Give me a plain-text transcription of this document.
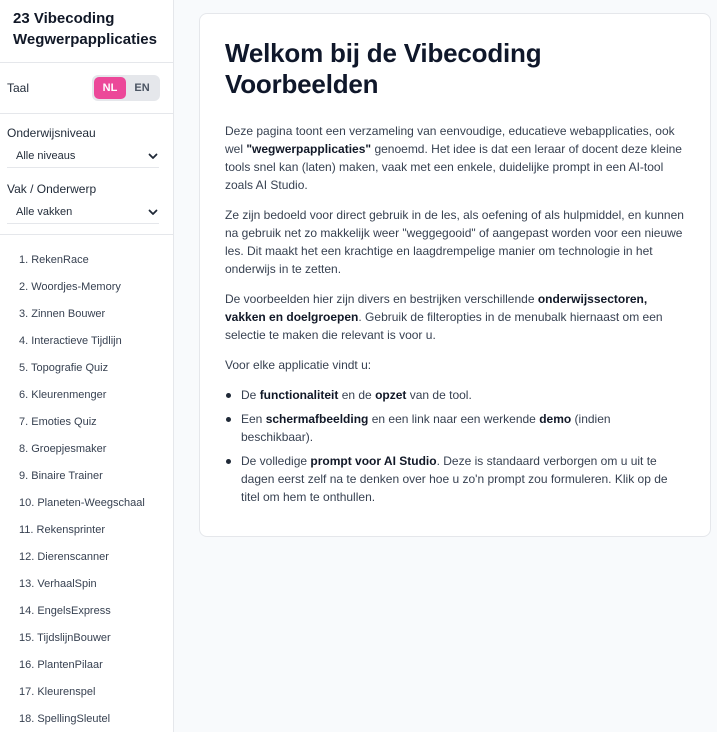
23 Vibecoding
Wegwerpapplicaties
Taal	NL	EN
Onderwijsniveau
Alle niveaus
Vak / Onderwerp
Alle vakken
1. RekenRace
2. Woordjes-Memory
3. Zinnen Bouwer
4. Interactieve Tijdlijn
5. Topografie Quiz
6. Kleurenmenger
7. Emoties Quiz
8. Groepjesmaker
9. Binaire Trainer
10. Planeten-Weegschaal
11. Rekensprinter
12. Dierenscanner
13. VerhaalSpin
14. EngelsExpress
15. TijdslijnBouwer
16. PlantenPilaar
17. Kleurenspel
18. SpellingSleutel
Welkom bij de Vibecoding
Voorbeelden

Deze pagina toont een verzameling van eenvoudige, educatieve webapplicaties, ook wel "wegwerpapplicaties" genoemd. Het idee is dat een leraar of docent deze kleine tools snel kan (laten) maken, vaak met een enkele, duidelijke prompt in een AI-tool zoals AI Studio.

Ze zijn bedoeld voor direct gebruik in de les, als oefening of als hulpmiddel, en kunnen na gebruik net zo makkelijk weer "weggegooid" of aangepast worden voor een nieuwe les. Dit maakt het een krachtige en laagdrempelige manier om technologie in het onderwijs in te zetten.

De voorbeelden hier zijn divers en bestrijken verschillende onderwijssectoren, vakken en doelgroepen. Gebruik de filteropties in de menubalk hiernaast om een selectie te maken die relevant is voor u.

Voor elke applicatie vindt u:

De functionaliteit en de opzet van de tool.
Een schermafbeelding en een link naar een werkende demo (indien beschikbaar).
De volledige prompt voor AI Studio. Deze is standaard verborgen om u uit te dagen eerst zelf na te denken over hoe u zo'n prompt zou formuleren. Klik op de titel om hem te onthullen.
